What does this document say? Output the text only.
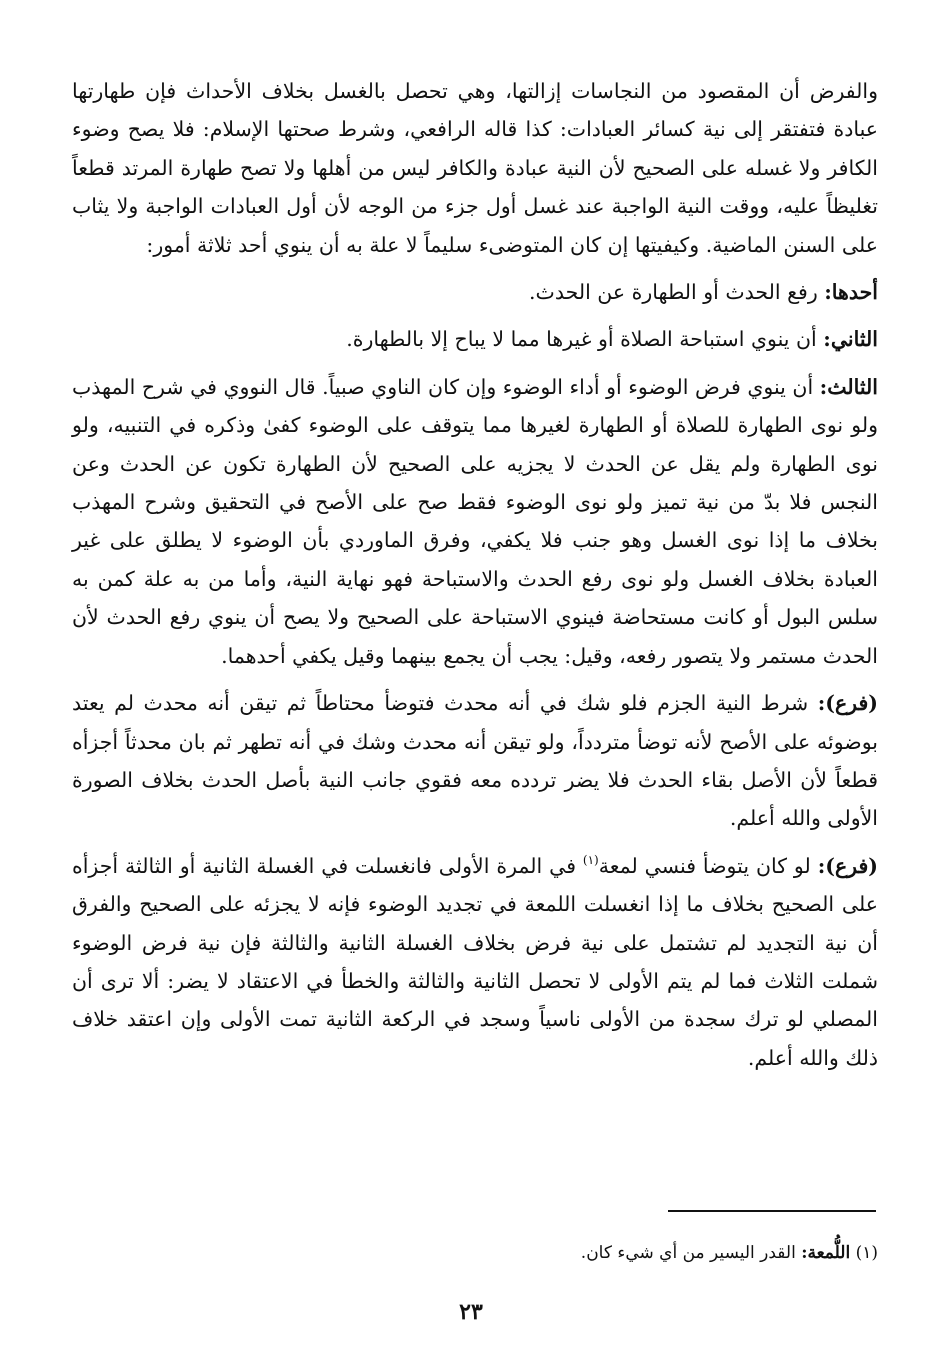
والفرض أن المقصود من النجاسات إزالتها، وهي تحصل بالغسل بخلاف الأحداث فإن طهارتها عبادة فتفتقر إلى نية كسائر العبادات: كذا قاله الرافعي، وشرط صحتها الإسلام: فلا يصح وضوء الكافر ولا غسله على الصحيح لأن النية عبادة والكافر ليس من أهلها ولا تصح طهارة المرتد قطعاً تغليظاً عليه، ووقت النية الواجبة عند غسل أول جزء من الوجه لأن أول العبادات الواجبة ولا يثاب على السنن الماضية. وكيفيتها إن كان المتوضىء سليماً لا علة به أن ينوي أحد ثلاثة أمور:

أحدها: رفع الحدث أو الطهارة عن الحدث.

الثاني: أن ينوي استباحة الصلاة أو غيرها مما لا يباح إلا بالطهارة.

الثالث: أن ينوي فرض الوضوء أو أداء الوضوء وإن كان الناوي صبياً. قال النووي في شرح المهذب ولو نوى الطهارة للصلاة أو الطهارة لغيرها مما يتوقف على الوضوء كفىٰ وذكره في التنبيه، ولو نوى الطهارة ولم يقل عن الحدث لا يجزيه على الصحيح لأن الطهارة تكون عن الحدث وعن النجس فلا بدّ من نية تميز ولو نوى الوضوء فقط صح على الأصح في التحقيق وشرح المهذب بخلاف ما إذا نوى الغسل وهو جنب فلا يكفي، وفرق الماوردي بأن الوضوء لا يطلق على غير العبادة بخلاف الغسل ولو نوى رفع الحدث والاستباحة فهو نهاية النية، وأما من به علة كمن به سلس البول أو كانت مستحاضة فينوي الاستباحة على الصحيح ولا يصح أن ينوي رفع الحدث لأن الحدث مستمر ولا يتصور رفعه، وقيل: يجب أن يجمع بينهما وقيل يكفي أحدهما.

(فرع): شرط النية الجزم فلو شك في أنه محدث فتوضأ محتاطاً ثم تيقن أنه محدث لم يعتد بوضوئه على الأصح لأنه توضأ متردداً، ولو تيقن أنه محدث وشك في أنه تطهر ثم بان محدثاً أجزأه قطعاً لأن الأصل بقاء الحدث فلا يضر تردده معه فقوي جانب النية بأصل الحدث بخلاف الصورة الأولى والله أعلم.

(فرع): لو كان يتوضأ فنسي لمعة$^{(١)}$ في المرة الأولى فانغسلت في الغسلة الثانية أو الثالثة أجزأه على الصحيح بخلاف ما إذا انغسلت اللمعة في تجديد الوضوء فإنه لا يجزئه على الصحيح والفرق أن نية التجديد لم تشتمل على نية فرض بخلاف الغسلة الثانية والثالثة فإن نية فرض الوضوء شملت الثلاث فما لم يتم الأولى لا تحصل الثانية والثالثة والخطأ في الاعتقاد لا يضر: ألا ترى أن المصلي لو ترك سجدة من الأولى ناسياً وسجد في الركعة الثانية تمت الأولى وإن اعتقد خلاف ذلك والله أعلم.

(١) اللُّمعة: القدر اليسير من أي شيء كان.
٢٣
